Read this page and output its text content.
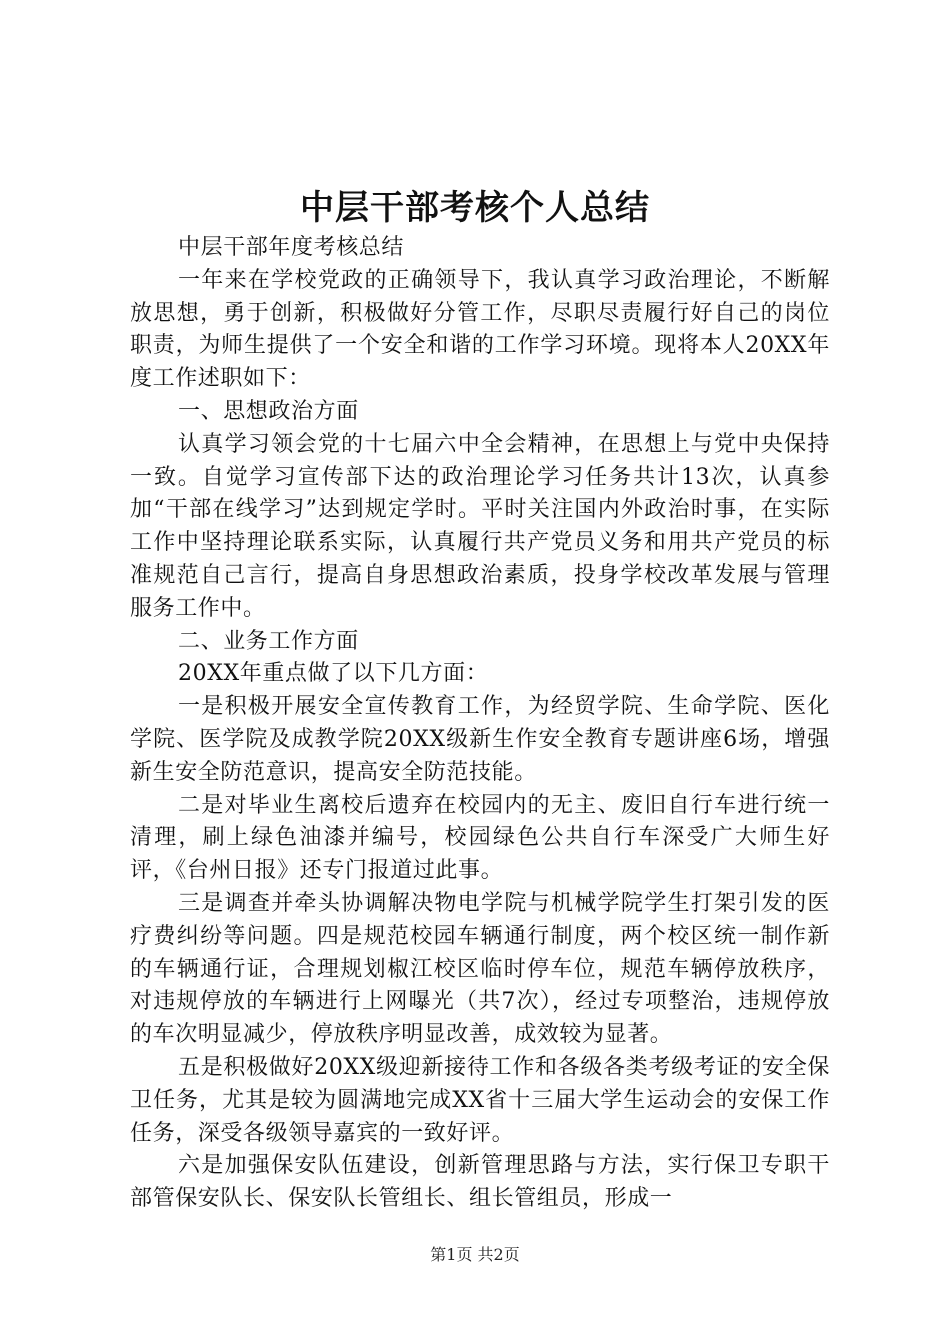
中层干部考核个人总结

中层干部年度考核总结

一年来在学校党政的正确领导下，我认真学习政治理论，不断解放思想，勇于创新，积极做好分管工作，尽职尽责履行好自己的岗位职责，为师生提供了一个安全和谐的工作学习环境。现将本人20XX年度工作述职如下：

一、思想政治方面

认真学习领会党的十七届六中全会精神，在思想上与党中央保持一致。自觉学习宣传部下达的政治理论学习任务共计13次，认真参加“干部在线学习”达到规定学时。平时关注国内外政治时事，在实际工作中坚持理论联系实际，认真履行共产党员义务和用共产党员的标准规范自己言行，提高自身思想政治素质，投身学校改革发展与管理服务工作中。

二、业务工作方面

20XX年重点做了以下几方面：

一是积极开展安全宣传教育工作，为经贸学院、生命学院、医化学院、医学院及成教学院20XX级新生作安全教育专题讲座6场，增强新生安全防范意识，提高安全防范技能。

二是对毕业生离校后遗弃在校园内的无主、废旧自行车进行统一清理，刷上绿色油漆并编号，校园绿色公共自行车深受广大师生好评，《台州日报》还专门报道过此事。

三是调查并牵头协调解决物电学院与机械学院学生打架引发的医疗费纠纷等问题。四是规范校园车辆通行制度，两个校区统一制作新的车辆通行证，合理规划椒江校区临时停车位，规范车辆停放秩序，对违规停放的车辆进行上网曝光（共7次），经过专项整治，违规停放的车次明显减少，停放秩序明显改善，成效较为显著。

五是积极做好20XX级迎新接待工作和各级各类考级考证的安全保卫任务，尤其是较为圆满地完成XX省十三届大学生运动会的安保工作任务，深受各级领导嘉宾的一致好评。

六是加强保安队伍建设，创新管理思路与方法，实行保卫专职干部管保安队长、保安队长管组长、组长管组员，形成一

第1页 共2页
